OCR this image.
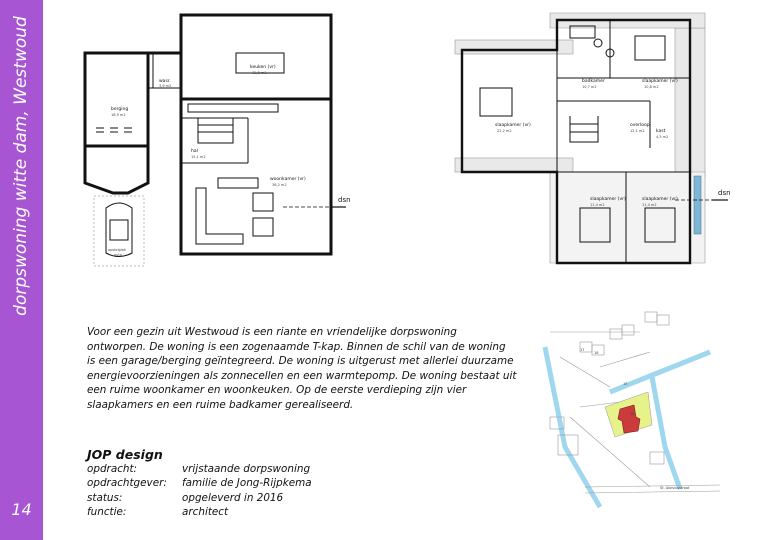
dorpswoning witte dam, Westwoud
14
dsn
keuken (vr)
32,8 m2
wasr.
3,9 m2
berging
18,9 m2
hal
15,1 m2
woonkamer (vr)
36,2 m2
opstelplek
auto
dsn
badkamer
10,7 m2
slaapkamer (vr)
10,8 m2
slaapkamer (vr)
22,2 m2
overloop
12,1 m2	kast
4,5 m2
slaapkamer (vr)
11,4 m2
slaapkamer (vr)
11,4 m2
Voor een gezin uit Westwoud is een riante en vriendelijke dorpswoning ontworpen. De woning is een zogenaamde T-kap. Binnen de schil van de woning is een garage/berging geïntegreerd. De woning is uitgerust met allerlei duurzame energievoorzieningen als zonnecellen en een warmtepomp. De woning bestaat uit een ruime woonkamer en woonkeuken. Op de eerste verdieping zijn vier slaapkamers en een ruime badkamer gerealiseerd.
JOP design
opdracht:	vrijstaande dorpswoning
opdrachtgever:	familie de Jong-Rijpkema
status:	opgeleverd in 2016
functie:	architect
St. Aloisiusstraat
15
16
17
18
